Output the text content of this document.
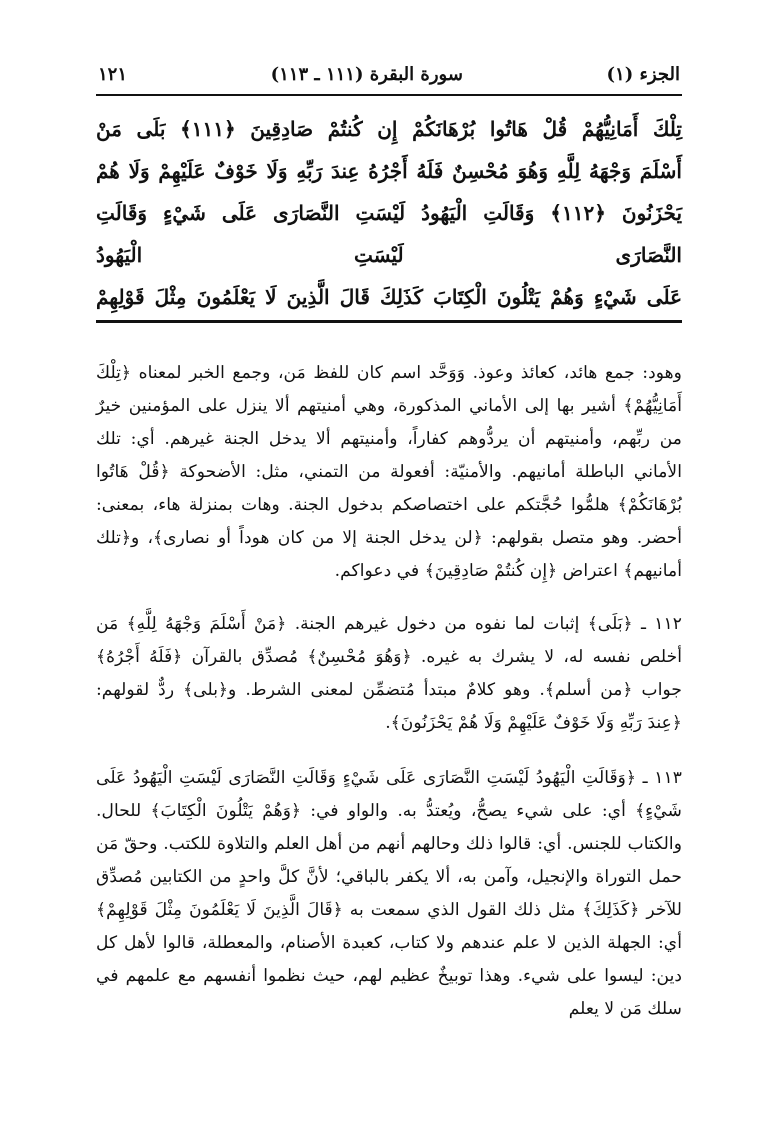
الجزء (١)
سورة البقرة (١١١ ـ ١١٣)
١٢١

تِلْكَ أَمَانِيُّهُمْ قُلْ هَاتُوا بُرْهَانَكُمْ إِن كُنتُمْ صَادِقِينَ ﴿١١١﴾ بَلَى مَنْ

أَسْلَمَ وَجْهَهُ لِلَّهِ وَهُوَ مُحْسِنٌ فَلَهُ أَجْرُهُ عِندَ رَبِّهِ وَلَا خَوْفٌ عَلَيْهِمْ وَلَا هُمْ

يَحْزَنُونَ ﴿١١٢﴾ وَقَالَتِ الْيَهُودُ لَيْسَتِ النَّصَارَى عَلَى شَيْءٍ وَقَالَتِ النَّصَارَى لَيْسَتِ الْيَهُودُ

عَلَى شَيْءٍ وَهُمْ يَتْلُونَ الْكِتَابَ كَذَلِكَ قَالَ الَّذِينَ لَا يَعْلَمُونَ مِثْلَ قَوْلِهِمْ

وهود: جمع هائد، كعائذ وعوذ. وَوَحَّد اسم كان للفظ مَن، وجمع الخبر لمعناه ﴿تِلْكَ أَمَانِيُّهُمْ﴾ أشير بها إلى الأماني المذكورة، وهي أمنيتهم ألا ينزل على المؤمنين خيرٌ من ربِّهم، وأمنيتهم أن يردُّوهم كفاراً، وأمنيتهم ألا يدخل الجنة غيرهم. أي: تلك الأماني الباطلة أمانيهم. والأمنيّة: أفعولة من التمني، مثل: الأضحوكة ﴿قُلْ هَاتُوا بُرْهَانَكُمْ﴾ هلمُّوا حُجَّتكم على اختصاصكم بدخول الجنة. وهات بمنزلة هاء، بمعنى: أحضر. وهو متصل بقولهم: ﴿لن يدخل الجنة إلا من كان هوداً أو نصارى﴾، و﴿تلك أمانيهم﴾ اعتراض ﴿إِن كُنتُمْ صَادِقِينَ﴾ في دعواكم.

١١٢ ـ ﴿بَلَى﴾ إثبات لما نفوه من دخول غيرهم الجنة. ﴿مَنْ أَسْلَمَ وَجْهَهُ لِلَّهِ﴾ مَن أخلص نفسه له، لا يشرك به غيره. ﴿وَهُوَ مُحْسِنٌ﴾ مُصدِّق بالقرآن ﴿فَلَهُ أَجْرُهُ﴾ جواب ﴿من أسلم﴾. وهو كلامٌ مبتدأ مُتضمِّن لمعنى الشرط. و﴿بلى﴾ ردٌّ لقولهم: ﴿عِندَ رَبِّهِ وَلَا خَوْفٌ عَلَيْهِمْ وَلَا هُمْ يَحْزَنُونَ﴾.

١١٣ ـ ﴿وَقَالَتِ الْيَهُودُ لَيْسَتِ النَّصَارَى عَلَى شَيْءٍ وَقَالَتِ النَّصَارَى لَيْسَتِ الْيَهُودُ عَلَى شَيْءٍ﴾ أي: على شيء يصحُّ، ويُعتدُّ به. والواو في: ﴿وَهُمْ يَتْلُونَ الْكِتَابَ﴾ للحال. والكتاب للجنس. أي: قالوا ذلك وحالهم أنهم من أهل العلم والتلاوة للكتب. وحقّ مَن حمل التوراة والإنجيل، وآمن به، ألا يكفر بالباقي؛ لأنَّ كلَّ واحدٍ من الكتابين مُصدِّق للآخر ﴿كَذَلِكَ﴾ مثل ذلك القول الذي سمعت به ﴿قَالَ الَّذِينَ لَا يَعْلَمُونَ مِثْلَ قَوْلِهِمْ﴾ أي: الجهلة الذين لا علم عندهم ولا كتاب، كعبدة الأصنام، والمعطلة، قالوا لأهل كل دين: ليسوا على شيء. وهذا توبيخٌ عظيم لهم، حيث نظموا أنفسهم مع علمهم في سلك مَن لا يعلم
